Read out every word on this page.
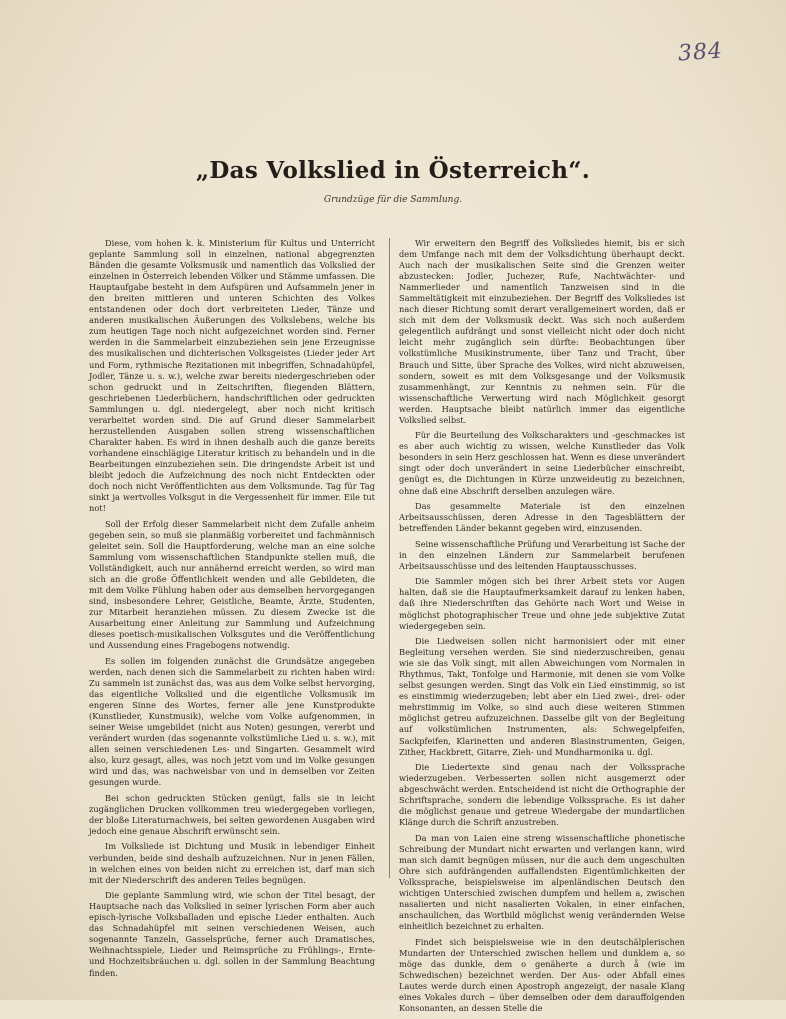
384
„Das Volkslied in Österreich“.
Grundzüge für die Sammlung.

Diese, vom hohen k. k. Ministerium für Kultus und Unterricht geplante Sammlung soll in einzelnen, national abgegrenzten Bänden die gesamte Volksmusik und namentlich das Volkslied der einzelnen in Österreich lebenden Völker und Stämme umfassen. Die Hauptaufgabe besteht in dem Aufspüren und Aufsammeln jener in den breiten mittleren und unteren Schichten des Volkes entstandenen oder doch dort verbreiteten Lieder, Tänze und anderen musikalischen Äußerungen des Volkslebens, welche bis zum heutigen Tage noch nicht aufgezeichnet worden sind. Ferner werden in die Sammelarbeit einzubeziehen sein jene Erzeugnisse des musikalischen und dichterischen Volksgeistes (Lieder jeder Art und Form, rythmische Rezitationen mit inbegriffen, Schnadahüpfel, Jodler, Tänze u. s. w.), welche zwar bereits niedergeschrieben oder schon gedruckt und in Zeitschriften, fliegenden Blättern, geschriebenen Liederbüchern, handschriftlichen oder gedruckten Sammlungen u. dgl. niedergelegt, aber noch nicht kritisch verarbeitet worden sind. Die auf Grund dieser Sammelarbeit herzustellenden Ausgaben sollen streng wissenschaftlichen Charakter haben. Es wird in ihnen deshalb auch die ganze bereits vorhandene einschlägige Literatur kritisch zu behandeln und in die Bearbeitungen einzubeziehen sein. Die dringendste Arbeit ist und bleibt jedoch die Aufzeichnung des noch nicht Entdeckten oder doch noch nicht Veröffentlichten aus dem Volksmunde. Tag für Tag sinkt ja wertvolles Volksgut in die Vergessenheit für immer. Eile tut not!

Soll der Erfolg dieser Sammelarbeit nicht dem Zufalle anheim gegeben sein, so muß sie planmäßig vorbereitet und fachmännisch geleitet sein. Soll die Hauptforderung, welche man an eine solche Sammlung vom wissenschaftlichen Standpunkte stellen muß, die Vollständigkeit, auch nur annähernd erreicht werden, so wird man sich an die große Öffentlichkeit wenden und alle Gebildeten, die mit dem Volke Fühlung haben oder aus demselben hervorgegangen sind, insbesondere Lehrer, Geistliche, Beamte, Ärzte, Studenten, zur Mitarbeit heranziehen müssen. Zu diesem Zwecke ist die Ausarbeitung einer Anleitung zur Sammlung und Aufzeichnung dieses poetisch-musikalischen Volksgutes und die Veröffentlichung und Aussendung eines Fragebogens notwendig.

Es sollen im folgenden zunächst die Grundsätze angegeben werden, nach denen sich die Sammelarbeit zu richten haben wird: Zu sammeln ist zunächst das, was aus dem Volke selbst hervorging, das eigentliche Volkslied und die eigentliche Volksmusik im engeren Sinne des Wortes, ferner alle jene Kunstprodukte (Kunstlieder, Kunstmusik), welche vom Volke aufgenommen, in seiner Weise umgebildet (nicht aus Noten) gesungen, vererbt und verändert wurden (das sogenannte volkstümliche Lied u. s. w.), mit allen seinen verschiedenen Les- und Singarten. Gesammelt wird also, kurz gesagt, alles, was noch jetzt vom und im Volke gesungen wird und das, was nachweisbar von und in demselben vor Zeiten gesungen wurde.

Bei schon gedruckten Stücken genügt, falls sie in leicht zugänglichen Drucken vollkommen treu wiedergegeben vorliegen, der bloße Literaturnachweis, bei selten gewordenen Ausgaben wird jedoch eine genaue Abschrift erwünscht sein.

Im Volksliede ist Dichtung und Musik in lebendiger Einheit verbunden, beide sind deshalb aufzuzeichnen. Nur in jenen Fällen, in welchen eines von beiden nicht zu erreichen ist, darf man sich mit der Niederschrift des anderen Teiles begnügen.

Die geplante Sammlung wird, wie schon der Titel besagt, der Hauptsache nach das Volkslied in seiner lyrischen Form aber auch episch-lyrische Volksballaden und epische Lieder enthalten. Auch das Schnadahüpfel mit seinen verschiedenen Weisen, auch sogenannte Tanzeln, Gasselsprüche, ferner auch Dramatisches, Weihnachtsspiele, Lieder und Reimsprüche zu Frühlings-, Ernte- und Hochzeitsbräuchen u. dgl. sollen in der Sammlung Beachtung finden.

Wir erweitern den Begriff des Volksliedes hiemit, bis er sich dem Umfange nach mit dem der Volksdichtung überhaupt deckt. Auch nach der musikalischen Seite sind die Grenzen weiter abzustecken: Jodler, Juchezer, Rufe, Nachtwächter- und Nammerlieder und namentlich Tanzweisen sind in die Sammeltätigkeit mit einzubeziehen. Der Begriff des Volksliedes ist nach dieser Richtung somit derart verallgemeinert worden, daß er sich mit dem der Volksmusik deckt. Was sich noch außerdem gelegentlich aufdrängt und sonst vielleicht nicht oder doch nicht leicht mehr zugänglich sein dürfte: Beobachtungen über volkstümliche Musikinstrumente, über Tanz und Tracht, über Brauch und Sitte, über Sprache des Volkes, wird nicht abzuweisen, sondern, soweit es mit dem Volksgesange und der Volksmusik zusammenhängt, zur Kenntnis zu nehmen sein. Für die wissenschaftliche Verwertung wird nach Möglichkeit gesorgt werden. Hauptsache bleibt natürlich immer das eigentliche Volkslied selbst.

Für die Beurteilung des Volkscharakters und -geschmackes ist es aber auch wichtig zu wissen, welche Kunstlieder das Volk besonders in sein Herz geschlossen hat. Wenn es diese unverändert singt oder doch unverändert in seine Liederbücher einschreibt, genügt es, die Dichtungen in Kürze unzweideutig zu bezeichnen, ohne daß eine Abschrift derselben anzulegen wäre.

Das gesammelte Materiale ist den einzelnen Arbeitsausschüssen, deren Adresse in den Tagesblättern der betreffenden Länder bekannt gegeben wird, einzusenden.

Seine wissenschaftliche Prüfung und Verarbeitung ist Sache der in den einzelnen Ländern zur Sammelarbeit berufenen Arbeitsausschüsse und des leitenden Hauptausschusses.

Die Sammler mögen sich bei ihrer Arbeit stets vor Augen halten, daß sie die Hauptaufmerksamkeit darauf zu lenken haben, daß ihre Niederschriften das Gehörte nach Wort und Weise in möglichst photographischer Treue und ohne jede subjektive Zutat wiedergegeben sein.

Die Liedweisen sollen nicht harmonisiert oder mit einer Begleitung versehen werden. Sie sind niederzuschreiben, genau wie sie das Volk singt, mit allen Abweichungen vom Normalen in Rhythmus, Takt, Tonfolge und Harmonie, mit denen sie vom Volke selbst gesungen werden. Singt das Volk ein Lied einstimmig, so ist es einstimmig wiederzugeben; lebt aber ein Lied zwei-, drei- oder mehrstimmig im Volke, so sind auch diese weiteren Stimmen möglichst getreu aufzuzeichnen. Dasselbe gilt von der Begleitung auf volkstümlichen Instrumenten, als: Schwegelpfeifen, Sackpfeifen, Klarinetten und anderen Blasinstrumenten, Geigen, Zither, Hackbrett, Gitarre, Zieh- und Mundharmonika u. dgl.

Die Liedertexte sind genau nach der Volkssprache wiederzugeben. Verbesserten sollen nicht ausgemerzt oder abgeschwächt werden. Entscheidend ist nicht die Orthographie der Schriftsprache, sondern die lebendige Volkssprache. Es ist daher die möglichst genaue und getreue Wiedergabe der mundartlichen Klänge durch die Schrift anzustreben.

Da man von Laien eine streng wissenschaftliche phonetische Schreibung der Mundart nicht erwarten und verlangen kann, wird man sich damit begnügen müssen, nur die auch dem ungeschulten Ohre sich aufdrängenden auffallendsten Eigentümlichkeiten der Volkssprache, beispielsweise im alpenländischen Deutsch den wichtigen Unterschied zwischen dumpfem und hellem a, zwischen nasalierten und nicht nasalierten Vokalen, in einer einfachen, anschaulichen, das Wortbild möglichst wenig verändernden Weise einheitlich bezeichnet zu erhalten.

Findet sich beispielsweise wie in den deutschälplerischen Mundarten der Unterschied zwischen hellem und dunklem a, so möge das dunkle, dem o genäherte a durch å (wie im Schwedischen) bezeichnet werden. Der Aus- oder Abfall eines Lautes werde durch einen Apostroph angezeigt, der nasale Klang eines Vokales durch ~ über demselben oder dem darauffolgenden Konsonanten, an dessen Stelle die
